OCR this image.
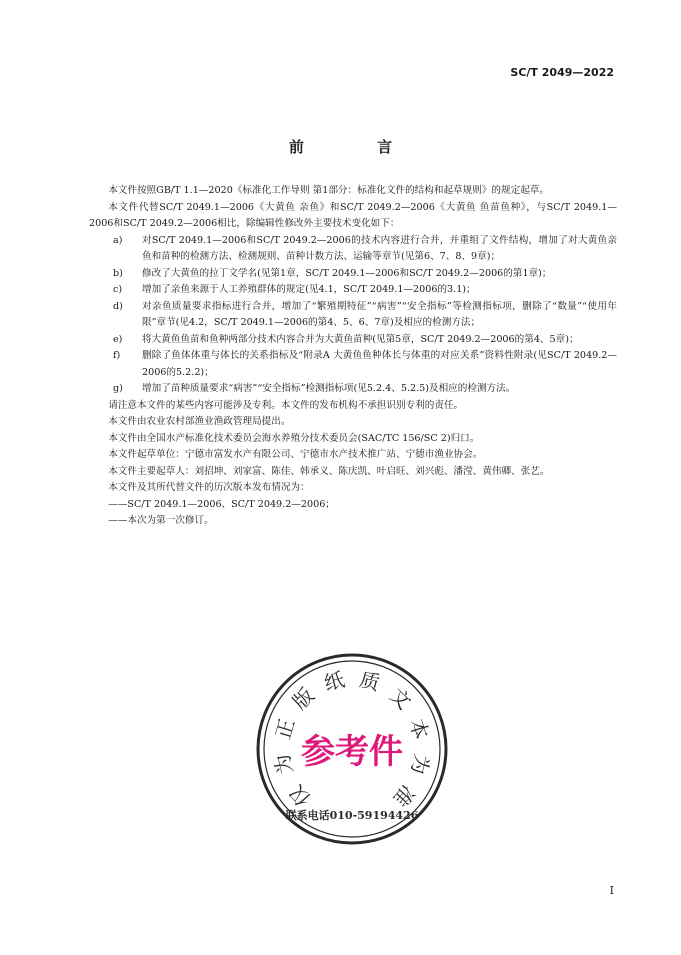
SC/T 2049—2022
前 言

本文件按照GB/T 1.1—2020《标准化工作导则 第1部分：标准化文件的结构和起草规则》的规定起草。

本文件代替SC/T 2049.1—2006《大黄鱼 亲鱼》和SC/T 2049.2—2006《大黄鱼 鱼苗鱼种》，与SC/T 2049.1—2006和SC/T 2049.2—2006相比，除编辑性修改外主要技术变化如下：

a)	对SC/T 2049.1—2006和SC/T 2049.2—2006的技术内容进行合并，并重组了文件结构，增加了对大黄鱼亲鱼和苗种的检测方法、检测规则、苗种计数方法、运输等章节(见第6、7、8、9章)；
b)	修改了大黄鱼的拉丁文学名(见第1章，SC/T 2049.1—2006和SC/T 2049.2—2006的第1章)；
c)	增加了亲鱼来源于人工养殖群体的规定(见4.1，SC/T 2049.1—2006的3.1)；
d)	对亲鱼质量要求指标进行合并，增加了“繁殖期特征”“病害”“安全指标”等检测指标项，删除了“数量”“使用年限”章节(见4.2，SC/T 2049.1—2006的第4、5、6、7章)及相应的检测方法；
e)	将大黄鱼鱼苗和鱼种两部分技术内容合并为大黄鱼苗种(见第5章，SC/T 2049.2—2006的第4、5章)；
f)	删除了鱼体体重与体长的关系指标及“附录A 大黄鱼鱼种体长与体重的对应关系”资料性附录(见SC/T 2049.2—2006的5.2.2)；
g)	增加了苗种质量要求“病害”“安全指标”检测指标项(见5.2.4、5.2.5)及相应的检测方法。

请注意本文件的某些内容可能涉及专利。本文件的发布机构不承担识别专利的责任。

本文件由农业农村部渔业渔政管理局提出。

本文件由全国水产标准化技术委员会海水养殖分技术委员会(SAC/TC 156/SC 2)归口。

本文件起草单位：宁德市富发水产有限公司、宁德市水产技术推广站、宁德市渔业协会。

本文件主要起草人：刘招坤、刘家富、陈佳、韩承义、陈庆凯、叶启旺、刘兴彪、潘滢、黄伟卿、张艺。

本文件及其所代替文件的历次版本发布情况为：

——SC/T 2049.1—2006、SC/T 2049.2—2006；

——本次为第一次修订。

仅
为
正
版
纸 质
文
本
为
准
参考件
联系电话010-59194426
I
